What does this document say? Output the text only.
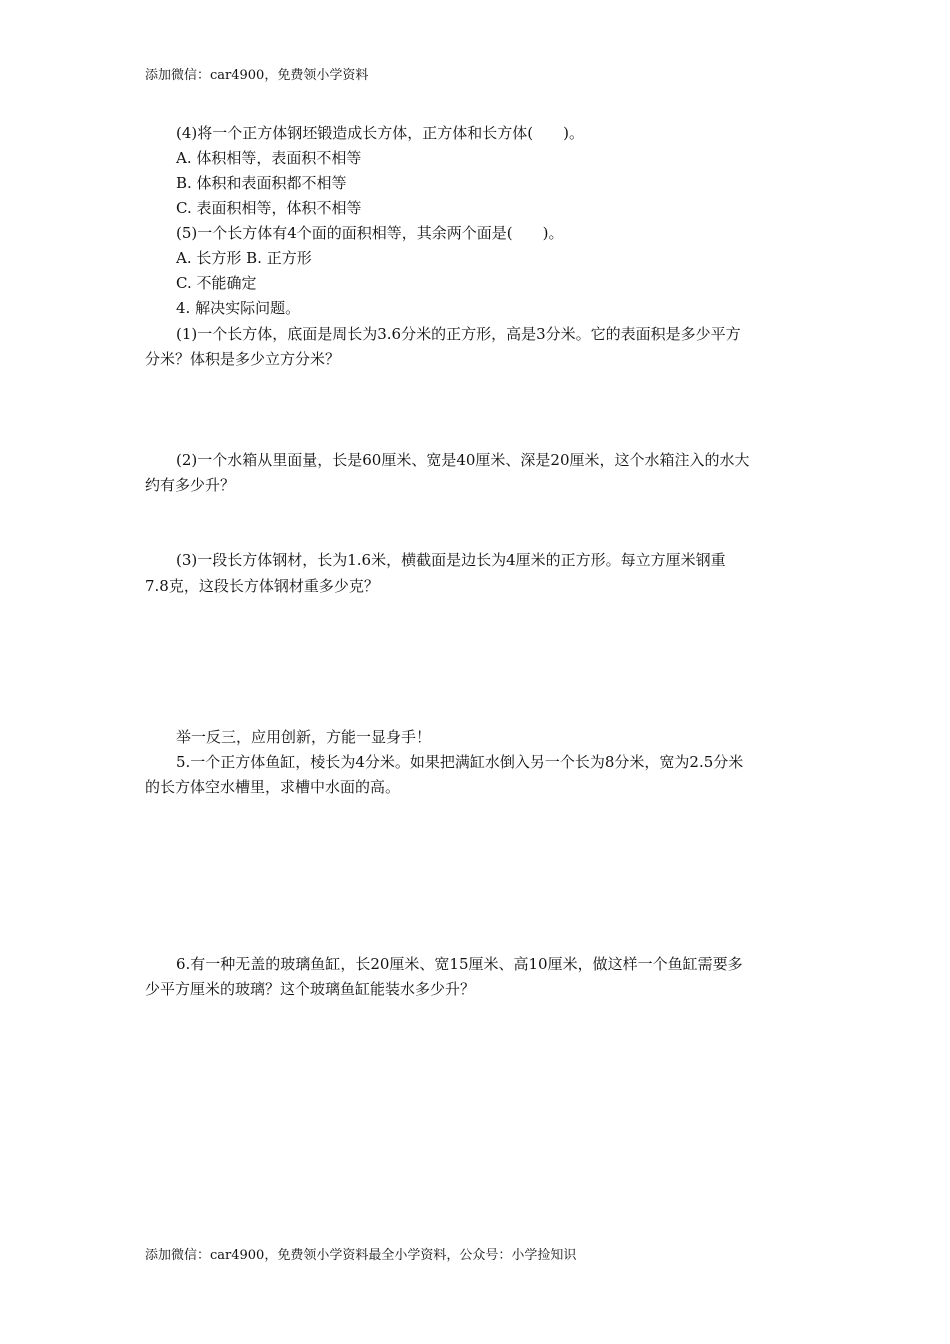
添加微信：car4900，免费领小学资料
(4)将一个正方体钢坯锻造成长方体，正方体和长方体(　　)。
A. 体积相等，表面积不相等
B. 体积和表面积都不相等
C. 表面积相等，体积不相等
(5)一个长方体有4个面的面积相等，其余两个面是(　　)。
A. 长方形 B. 正方形
C. 不能确定
4. 解决实际问题。
(1)一个长方体，底面是周长为3.6分米的正方形，高是3分米。它的表面积是多少平方
分米？体积是多少立方分米？
(2)一个水箱从里面量，长是60厘米、宽是40厘米、深是20厘米，这个水箱注入的水大
约有多少升？
(3)一段长方体钢材，长为1.6米，横截面是边长为4厘米的正方形。每立方厘米钢重
7.8克，这段长方体钢材重多少克？
举一反三，应用创新，方能一显身手！
5.一个正方体鱼缸，棱长为4分米。如果把满缸水倒入另一个长为8分米，宽为2.5分米
的长方体空水槽里，求槽中水面的高。
6.有一种无盖的玻璃鱼缸，长20厘米、宽15厘米、高10厘米，做这样一个鱼缸需要多
少平方厘米的玻璃？这个玻璃鱼缸能装水多少升？
添加微信：car4900，免费领小学资料最全小学资料，公众号：小学捡知识
